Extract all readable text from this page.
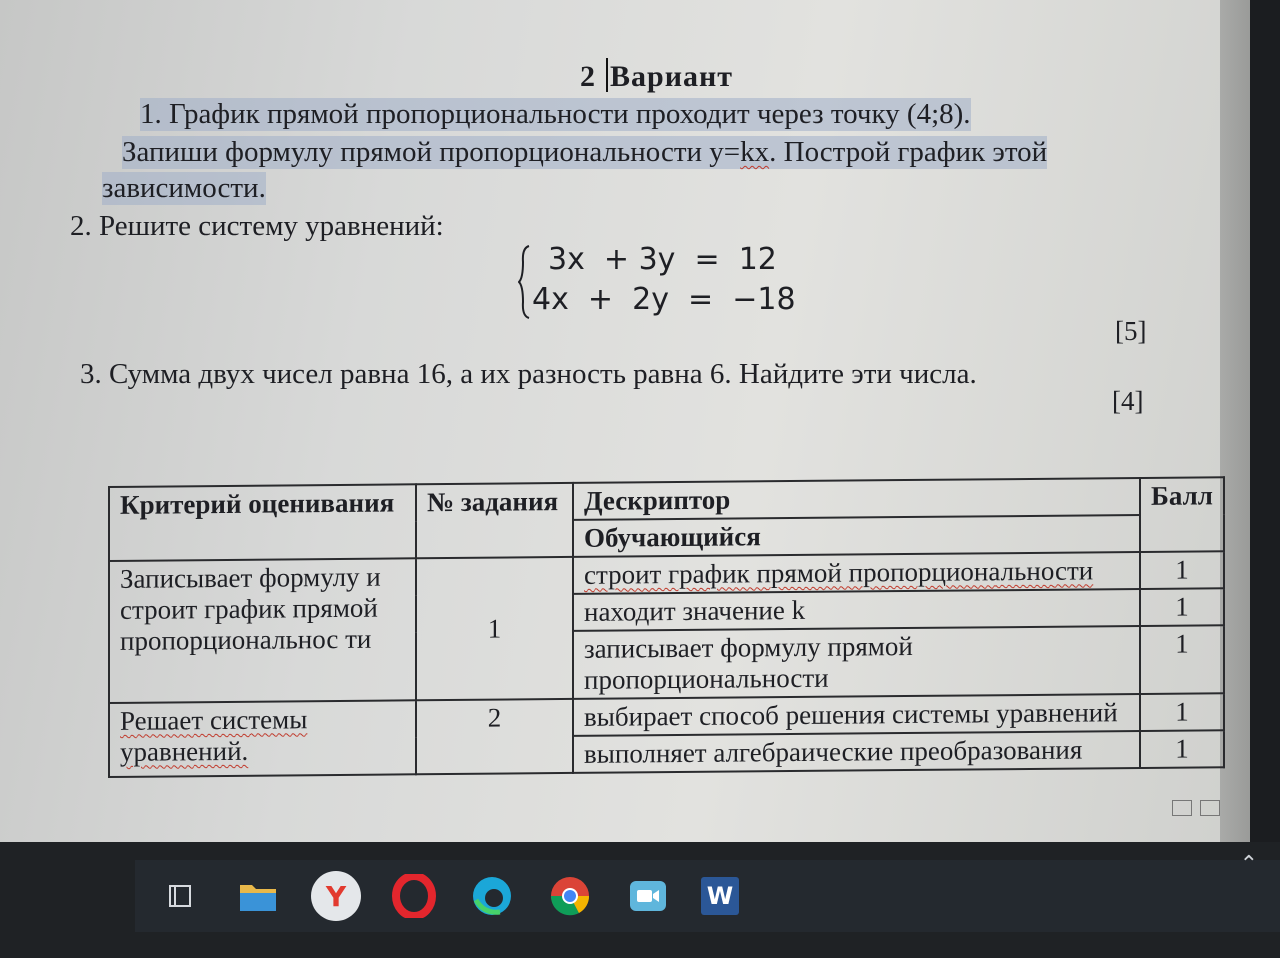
2 Вариант
1. График прямой пропорциональности проходит через точку (4;8).
Запиши формулу прямой пропорциональности y=kx. Построй график этой
зависимости.
2. Решите систему уравнений:
3x  + 3y  =  12
4x  +  2y  =  −18
[5]
3. Сумма двух чисел равна 16, а их разность равна 6. Найдите эти числа.
[4]
Критерий оценивания	№ задания	Дескриптор	Балл
		Обучающийся	
Записывает формулу и строит график прямой пропорциональнос ти	1	строит график прямой пропорциональности	1
		находит значение k	1
		записывает формулу прямой пропорциональности	1
Решает системы уравнений.	2	выбирает способ решения системы уравнений	1
		выполняет алгебраические преобразования	1
Y	W
⌃
